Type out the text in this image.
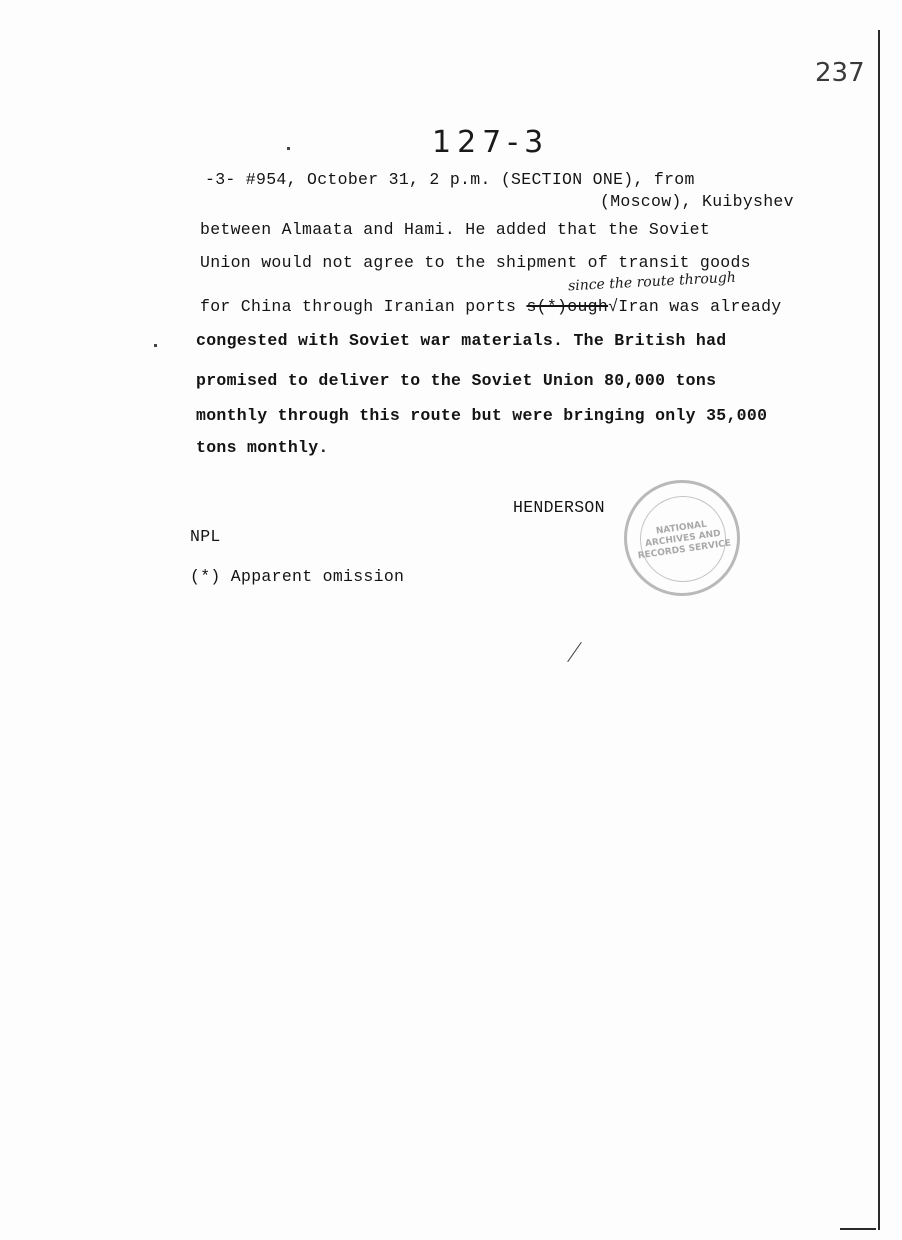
237
127-3
-3- #954, October 31, 2 p.m. (SECTION ONE), from
(Moscow), Kuibyshev
between Almaata and Hami. He added that the Soviet
Union would not agree to the shipment of transit goods
since the route through
for China through Iranian ports s(*)ough√Iran was already
congested with Soviet war materials. The British had
promised to deliver to the Soviet Union 80,000 tons
monthly through this route but were bringing only 35,000
tons monthly.
HENDERSON
NPL
(*) Apparent omission
NATIONAL ARCHIVES AND RECORDS SERVICE
